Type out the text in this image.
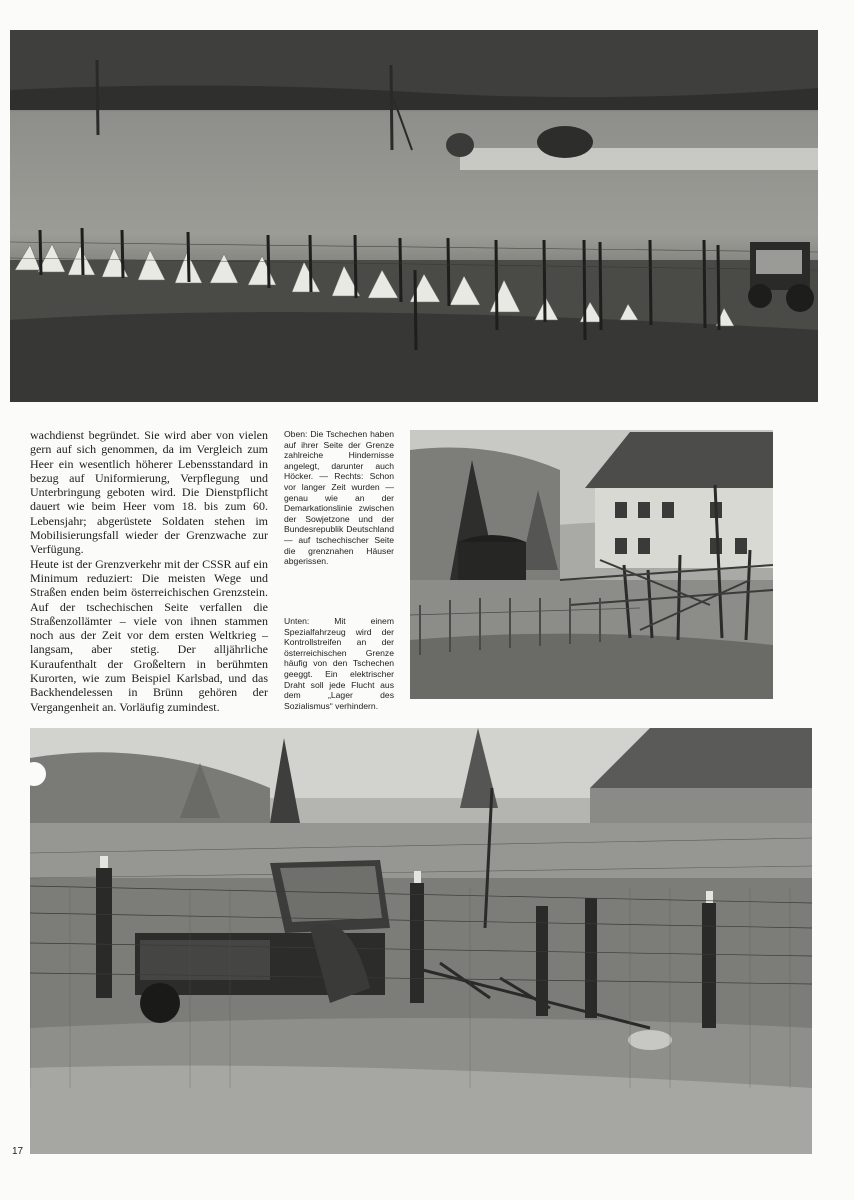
wachdienst begründet. Sie wird aber von vielen gern auf sich genommen, da im Vergleich zum Heer ein wesentlich höherer Lebensstandard in bezug auf Uniformierung, Verpflegung und Unterbringung geboten wird. Die Dienstpflicht dauert wie beim Heer vom 18. bis zum 60. Lebensjahr; abgerüstete Soldaten stehen im Mobilisierungsfall wieder der Grenzwache zur Verfügung.

Heute ist der Grenzverkehr mit der CSSR auf ein Minimum reduziert: Die meisten Wege und Straßen enden beim österreichischen Grenzstein. Auf der tschechischen Seite verfallen die Straßenzollämter – viele von ihnen stammen noch aus der Zeit vor dem ersten Weltkrieg – langsam, aber stetig. Der alljährliche Kuraufenthalt der Großeltern in berühmten Kurorten, wie zum Beispiel Karlsbad, und das Backhendelessen in Brünn gehören der Vergangenheit an. Vorläufig zumindest.

Oben: Die Tschechen haben auf ihrer Seite der Grenze zahlreiche Hindernisse angelegt, darunter auch Höcker. — Rechts: Schon vor langer Zeit wurden — genau wie an der Demarkationslinie zwischen der Sowjetzone und der Bundesrepublik Deutschland — auf tschechischer Seite die grenznahen Häuser abgerissen.

Unten: Mit einem Spezialfahrzeug wird der Kontrollstreifen an der österreichischen Grenze häufig von den Tschechen geeggt. Ein elektrischer Draht soll jede Flucht aus dem „Lager des Sozialismus“ verhindern.

17
